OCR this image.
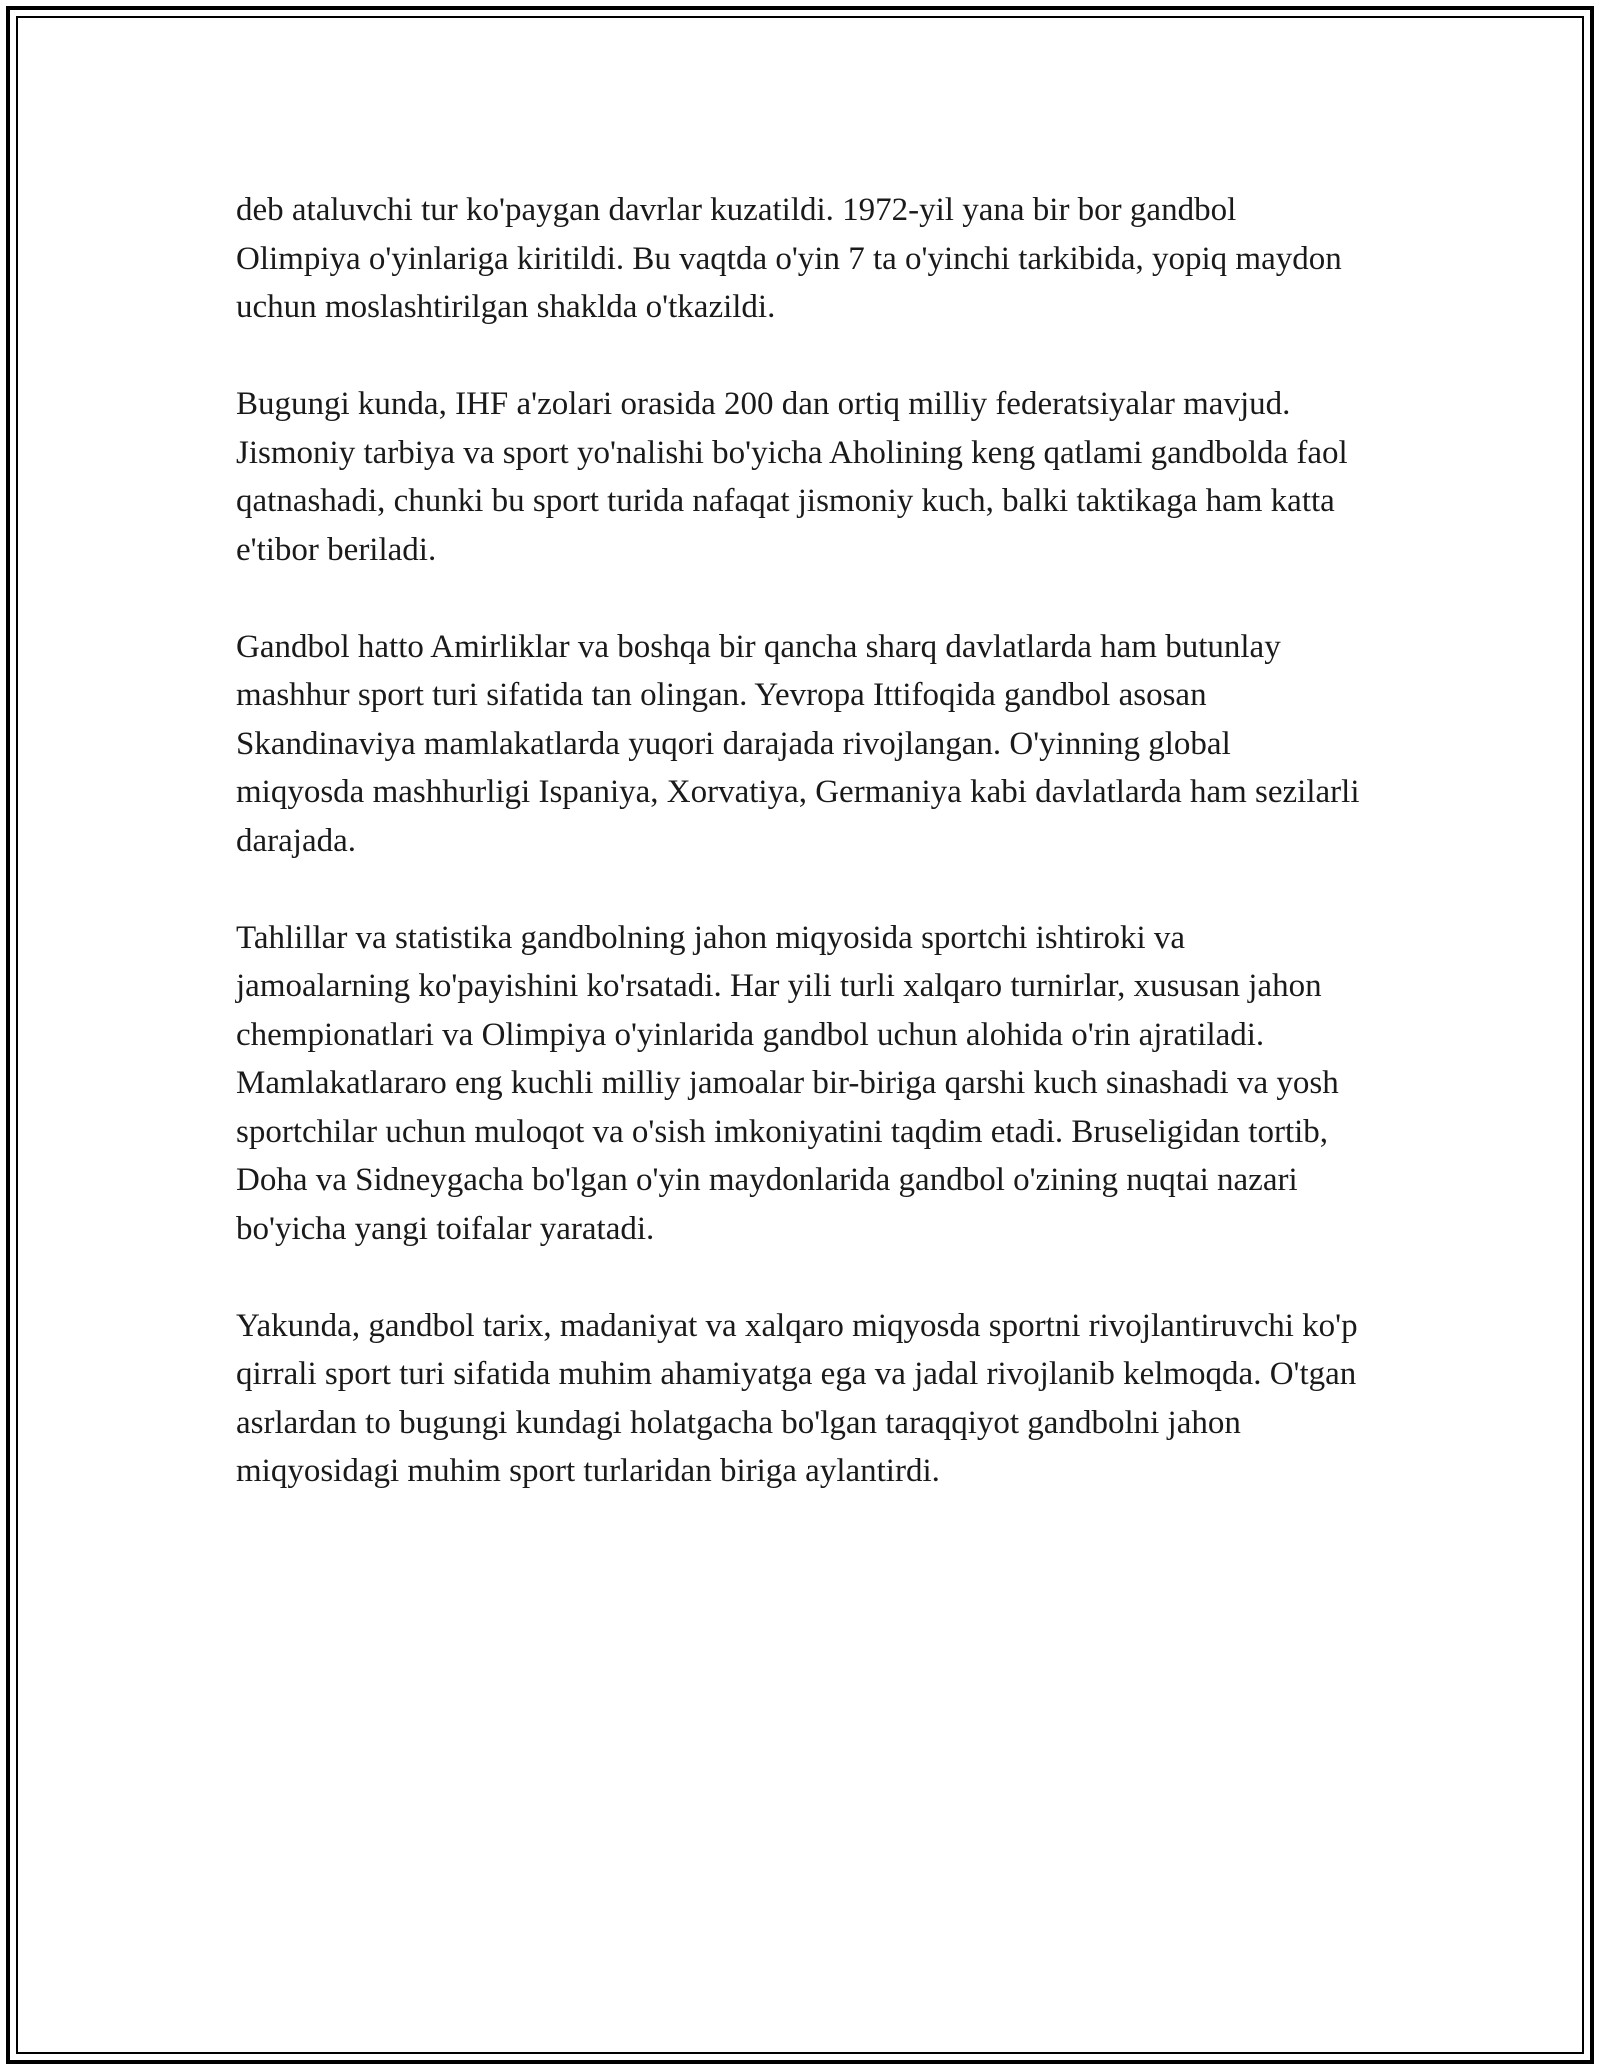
deb ataluvchi tur ko'paygan davrlar kuzatildi. 1972-yil yana bir bor gandbol Olimpiya o'yinlariga kiritildi. Bu vaqtda o'yin 7 ta o'yinchi tarkibida, yopiq maydon uchun moslashtirilgan shaklda o'tkazildi.

Bugungi kunda, IHF a'zolari orasida 200 dan ortiq milliy federatsiyalar mavjud. Jismoniy tarbiya va sport yo'nalishi bo'yicha Aholining keng qatlami gandbolda faol qatnashadi, chunki bu sport turida nafaqat jismoniy kuch, balki taktikaga ham katta e'tibor beriladi.

Gandbol hatto Amirliklar va boshqa bir qancha sharq davlatlarda ham butunlay mashhur sport turi sifatida tan olingan. Yevropa Ittifoqida gandbol asosan Skandinaviya mamlakatlarda yuqori darajada rivojlangan. O'yinning global miqyosda mashhurligi Ispaniya, Xorvatiya, Germaniya kabi davlatlarda ham sezilarli darajada.

Tahlillar va statistika gandbolning jahon miqyosida sportchi ishtiroki va jamoalarning ko'payishini ko'rsatadi. Har yili turli xalqaro turnirlar, xususan jahon chempionatlari va Olimpiya o'yinlarida gandbol uchun alohida o'rin ajratiladi. Mamlakatlararo eng kuchli milliy jamoalar bir-biriga qarshi kuch sinashadi va yosh sportchilar uchun muloqot va o'sish imkoniyatini taqdim etadi. Bruseligidan tortib, Doha va Sidneygacha bo'lgan o'yin maydonlarida gandbol o'zining nuqtai nazari bo'yicha yangi toifalar yaratadi.

Yakunda, gandbol tarix, madaniyat va xalqaro miqyosda sportni rivojlantiruvchi ko'p qirrali sport turi sifatida muhim ahamiyatga ega va jadal rivojlanib kelmoqda. O'tgan asrlardan to bugungi kundagi holatgacha bo'lgan taraqqiyot gandbolni jahon miqyosidagi muhim sport turlaridan biriga aylantirdi.
